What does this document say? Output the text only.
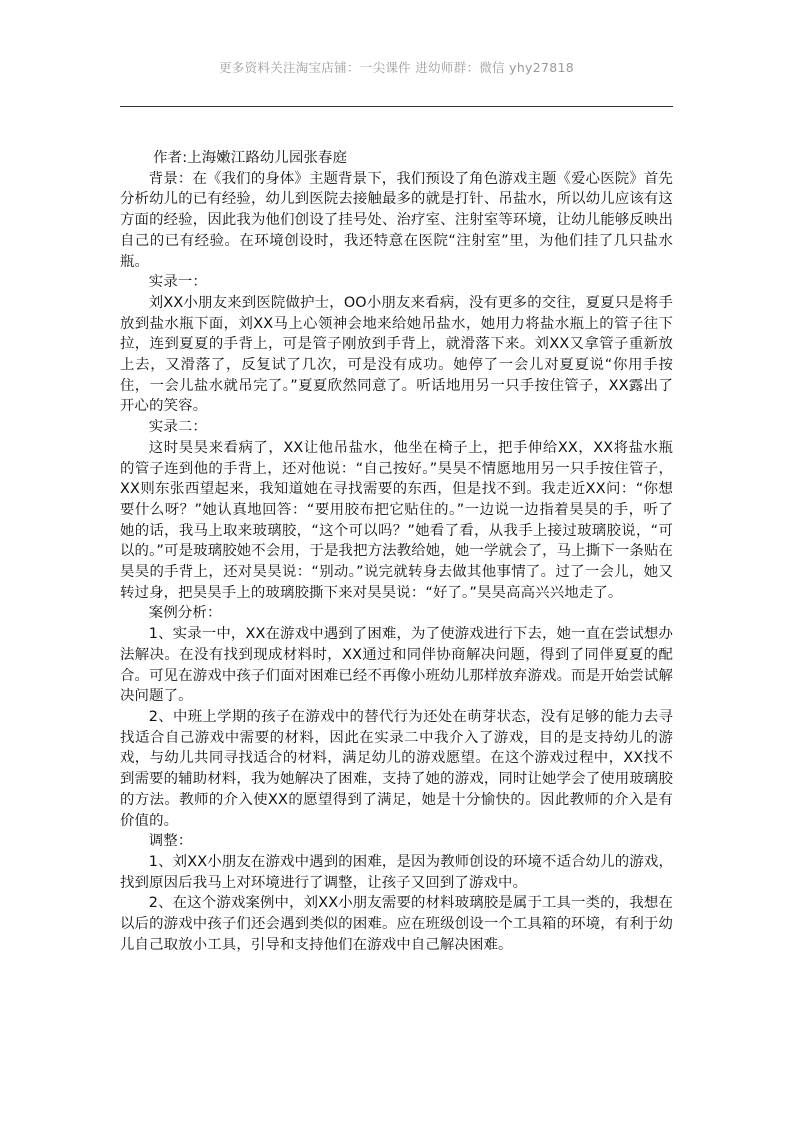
更多资料关注淘宝店铺：一尖课件 进幼师群：微信 yhy27818

作者:上海嫩江路幼儿园张春庭

背景：在《我们的身体》主题背景下，我们预设了角色游戏主题《爱心医院》首先分析幼儿的已有经验，幼儿到医院去接触最多的就是打针、吊盐水，所以幼儿应该有这方面的经验，因此我为他们创设了挂号处、治疗室、注射室等环境，让幼儿能够反映出自己的已有经验。在环境创设时，我还特意在医院“注射室”里，为他们挂了几只盐水瓶。

实录一：

刘XX小朋友来到医院做护士，OO小朋友来看病，没有更多的交往，夏夏只是将手放到盐水瓶下面，刘XX马上心领神会地来给她吊盐水，她用力将盐水瓶上的管子往下拉，连到夏夏的手背上，可是管子刚放到手背上，就滑落下来。刘XX又拿管子重新放上去，又滑落了，反复试了几次，可是没有成功。她停了一会儿对夏夏说“你用手按住，一会儿盐水就吊完了。”夏夏欣然同意了。听话地用另一只手按住管子，XX露出了开心的笑容。

实录二：

这时昊昊来看病了，XX让他吊盐水，他坐在椅子上，把手伸给XX，XX将盐水瓶的管子连到他的手背上，还对他说：“自己按好。”昊昊不情愿地用另一只手按住管子，XX则东张西望起来，我知道她在寻找需要的东西，但是找不到。我走近XX问：“你想要什么呀？”她认真地回答：“要用胶布把它贴住的。”一边说一边指着昊昊的手，听了她的话，我马上取来玻璃胶，“这个可以吗？”她看了看，从我手上接过玻璃胶说，“可以的。”可是玻璃胶她不会用，于是我把方法教给她，她一学就会了，马上撕下一条贴在昊昊的手背上，还对昊昊说：“别动。”说完就转身去做其他事情了。过了一会儿，她又转过身，把昊昊手上的玻璃胶撕下来对昊昊说：“好了。”昊昊高高兴兴地走了。

案例分析：

1、实录一中，XX在游戏中遇到了困难，为了使游戏进行下去，她一直在尝试想办法解决。在没有找到现成材料时，XX通过和同伴协商解决问题，得到了同伴夏夏的配合。可见在游戏中孩子们面对困难已经不再像小班幼儿那样放弃游戏。而是开始尝试解决问题了。

2、中班上学期的孩子在游戏中的替代行为还处在萌芽状态，没有足够的能力去寻找适合自己游戏中需要的材料，因此在实录二中我介入了游戏，目的是支持幼儿的游戏，与幼儿共同寻找适合的材料，满足幼儿的游戏愿望。在这个游戏过程中，XX找不到需要的辅助材料，我为她解决了困难，支持了她的游戏，同时让她学会了使用玻璃胶的方法。教师的介入使XX的愿望得到了满足，她是十分愉快的。因此教师的介入是有价值的。

调整：

1、刘XX小朋友在游戏中遇到的困难，是因为教师创设的环境不适合幼儿的游戏，找到原因后我马上对环境进行了调整，让孩子又回到了游戏中。

2、在这个游戏案例中，刘XX小朋友需要的材料玻璃胶是属于工具一类的，我想在以后的游戏中孩子们还会遇到类似的困难。应在班级创设一个工具箱的环境，有利于幼儿自己取放小工具，引导和支持他们在游戏中自己解决困难。
